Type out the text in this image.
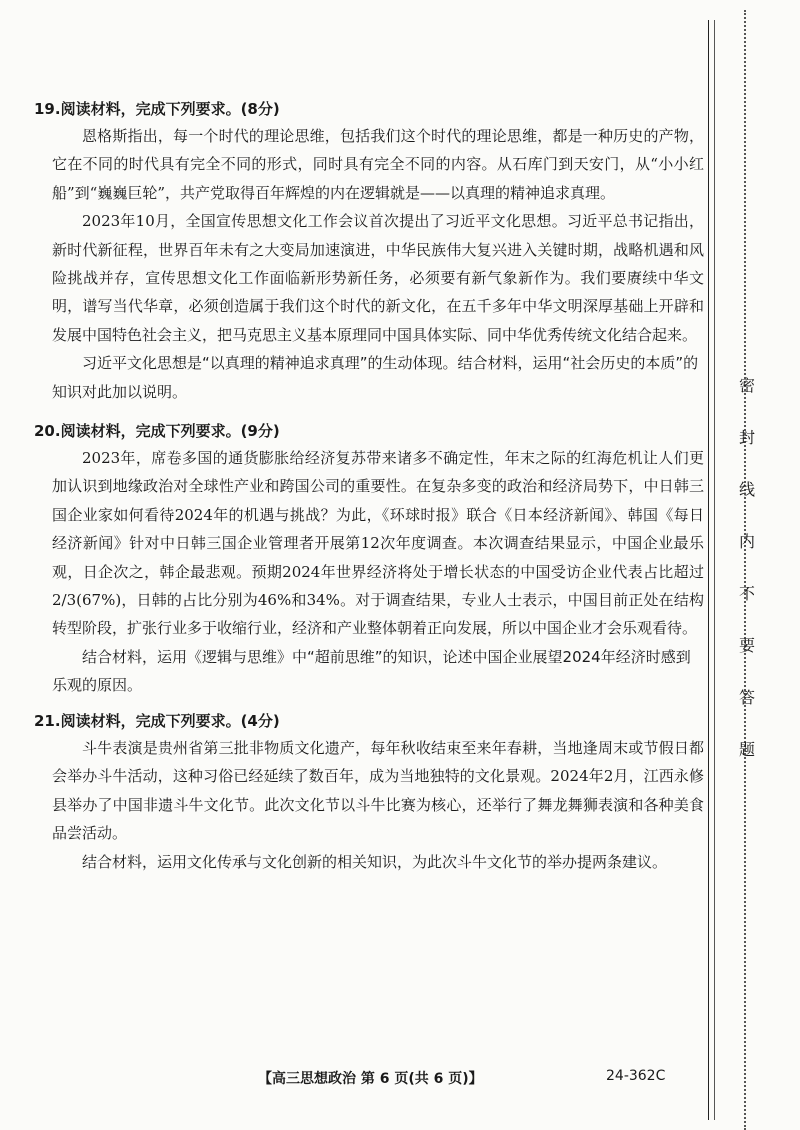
19.阅读材料，完成下列要求。(8分)

恩格斯指出，每一个时代的理论思维，包括我们这个时代的理论思维，都是一种历史的产物，它在不同的时代具有完全不同的形式，同时具有完全不同的内容。从石库门到天安门，从“小小红船”到“巍巍巨轮”，共产党取得百年辉煌的内在逻辑就是——以真理的精神追求真理。

2023年10月，全国宣传思想文化工作会议首次提出了习近平文化思想。习近平总书记指出，新时代新征程，世界百年未有之大变局加速演进，中华民族伟大复兴进入关键时期，战略机遇和风险挑战并存，宣传思想文化工作面临新形势新任务，必须要有新气象新作为。我们要赓续中华文明，谱写当代华章，必须创造属于我们这个时代的新文化，在五千多年中华文明深厚基础上开辟和发展中国特色社会主义，把马克思主义基本原理同中国具体实际、同中华优秀传统文化结合起来。

习近平文化思想是“以真理的精神追求真理”的生动体现。结合材料，运用“社会历史的本质”的知识对此加以说明。

20.阅读材料，完成下列要求。(9分)

2023年，席卷多国的通货膨胀给经济复苏带来诸多不确定性，年末之际的红海危机让人们更加认识到地缘政治对全球性产业和跨国公司的重要性。在复杂多变的政治和经济局势下，中日韩三国企业家如何看待2024年的机遇与挑战？为此，《环球时报》联合《日本经济新闻》、韩国《每日经济新闻》针对中日韩三国企业管理者开展第12次年度调查。本次调查结果显示，中国企业最乐观，日企次之，韩企最悲观。预期2024年世界经济将处于增长状态的中国受访企业代表占比超过2/3(67%)，日韩的占比分别为46%和34%。对于调查结果，专业人士表示，中国目前正处在结构转型阶段，扩张行业多于收缩行业，经济和产业整体朝着正向发展，所以中国企业才会乐观看待。

结合材料，运用《逻辑与思维》中“超前思维”的知识，论述中国企业展望2024年经济时感到乐观的原因。

21.阅读材料，完成下列要求。(4分)

斗牛表演是贵州省第三批非物质文化遗产，每年秋收结束至来年春耕，当地逢周末或节假日都会举办斗牛活动，这种习俗已经延续了数百年，成为当地独特的文化景观。2024年2月，江西永修县举办了中国非遗斗牛文化节。此次文化节以斗牛比赛为核心，还举行了舞龙舞狮表演和各种美食品尝活动。

结合材料，运用文化传承与文化创新的相关知识，为此次斗牛文化节的举办提两条建议。

密
封
线
内
不
要
答
题
【高三思想政治 第 6 页(共 6 页)】	24-362C
